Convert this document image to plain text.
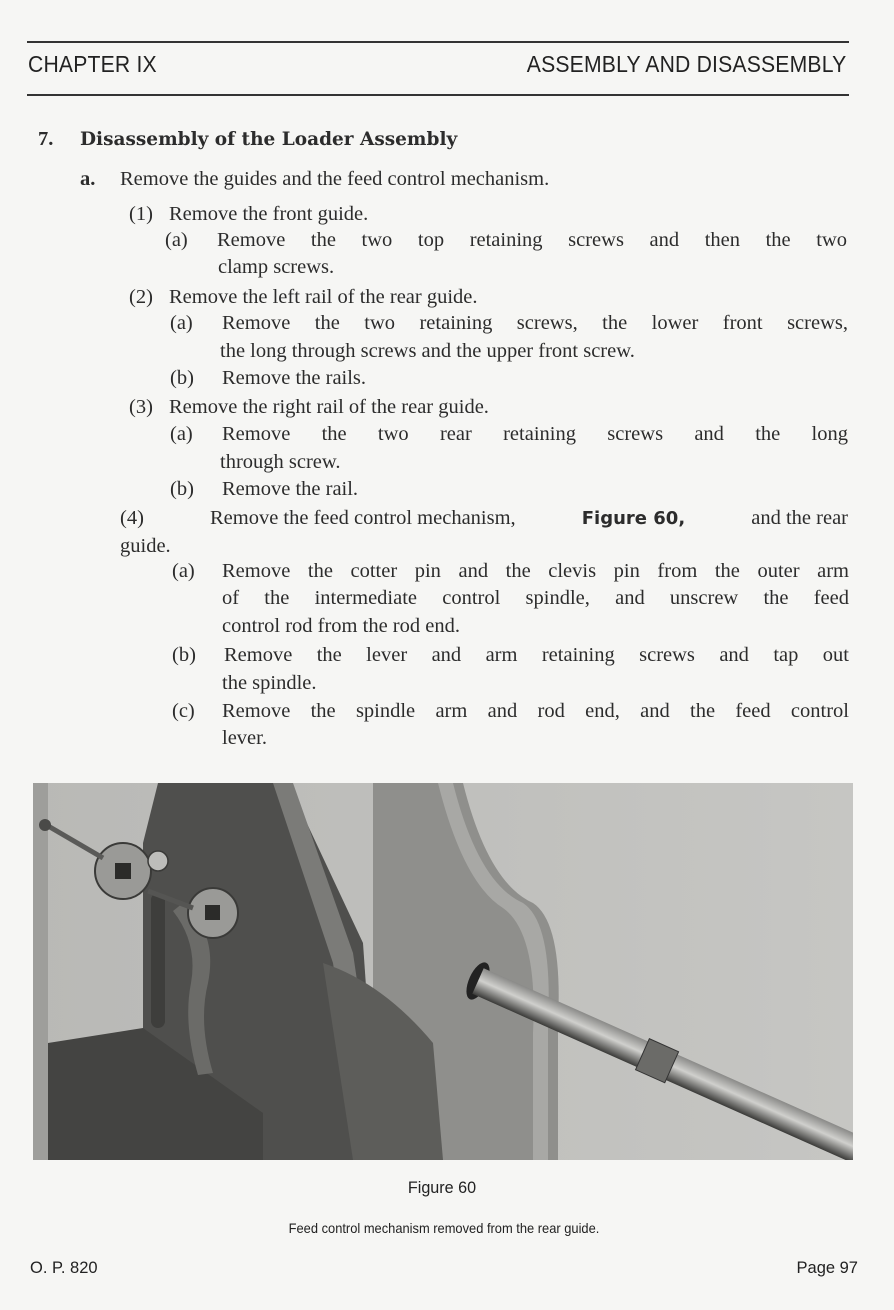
CHAPTER IX	ASSEMBLY AND DISASSEMBLY
7. Disassembly of the Loader Assembly
a. Remove the guides and the feed control mechanism.
(1) Remove the front guide.
(a) Remove the two top retaining screws and then the two
clamp screws.
(2) Remove the left rail of the rear guide.
(a) Remove the two retaining screws, the lower front screws,
the long through screws and the upper front screw.
(b) Remove the rails.
(3) Remove the right rail of the rear guide.
(a) Remove the two rear retaining screws and the long
through screw.
(b) Remove the rail.
(4)	Remove the feed control mechanism,	Figure 60,	and the rear
guide.
(a) Remove the cotter pin and the clevis pin from the outer arm
of the intermediate control spindle, and unscrew the feed
control rod from the rod end.
(b) Remove the lever and arm retaining screws and tap out
the spindle.
(c) Remove the spindle arm and rod end, and the feed control
lever.
Figure 60
Feed control mechanism removed from the rear guide.
O. P. 820	Page 97
